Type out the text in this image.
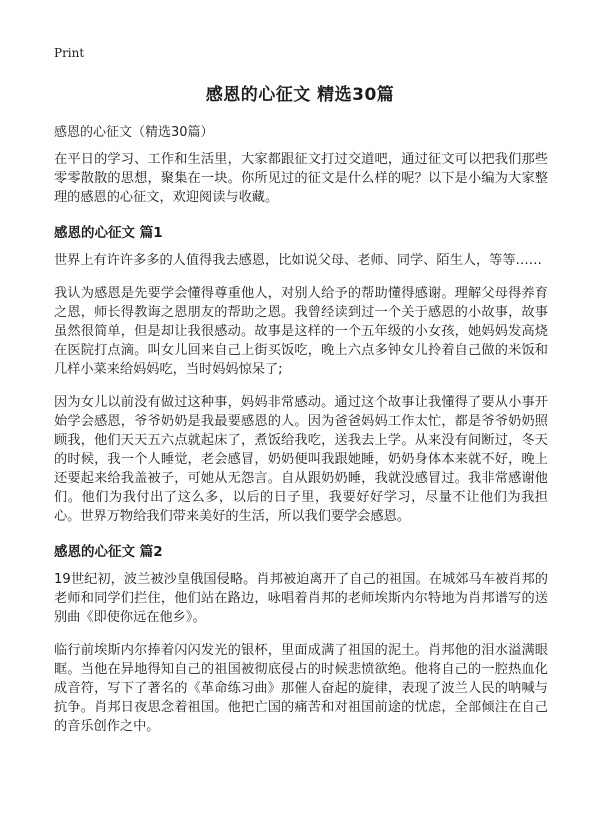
Print
感恩的心征文 精选30篇

感恩的心征文（精选30篇）

在平日的学习、工作和生活里，大家都跟征文打过交道吧，通过征文可以把我们那些零零散散的思想，聚集在一块。你所见过的征文是什么样的呢？以下是小编为大家整理的感恩的心征文，欢迎阅读与收藏。

感恩的心征文 篇1

世界上有许许多多的人值得我去感恩，比如说父母、老师、同学、陌生人，等等……

我认为感恩是先要学会懂得尊重他人，对别人给予的帮助懂得感谢。理解父母得养育之恩，师长得教诲之恩朋友的帮助之恩。我曾经读到过一个关于感恩的小故事，故事虽然很简单，但是却让我很感动。故事是这样的一个五年级的小女孩，她妈妈发高烧在医院打点滴。叫女儿回来自己上街买饭吃，晚上六点多钟女儿拎着自己做的米饭和几样小菜来给妈妈吃，当时妈妈惊呆了;

因为女儿以前没有做过这种事，妈妈非常感动。通过这个故事让我懂得了要从小事开始学会感恩，爷爷奶奶是我最要感恩的人。因为爸爸妈妈工作太忙，都是爷爷奶奶照顾我，他们天天五六点就起床了，煮饭给我吃，送我去上学。从来没有间断过，冬天的时候，我一个人睡觉，老会感冒，奶奶便叫我跟她睡，奶奶身体本来就不好，晚上还要起来给我盖被子，可她从无怨言。自从跟奶奶睡，我就没感冒过。我非常感谢他们。他们为我付出了这么多，以后的日子里，我要好好学习，尽量不让他们为我担心。世界万物给我们带来美好的生活，所以我们要学会感恩。

感恩的心征文 篇2

19世纪初，波兰被沙皇俄国侵略。肖邦被迫离开了自己的祖国。在城郊马车被肖邦的老师和同学们拦住，他们站在路边，咏唱着肖邦的老师埃斯内尔特地为肖邦谱写的送别曲《即使你远在他乡》。

临行前埃斯内尔捧着闪闪发光的银杯，里面成满了祖国的泥土。肖邦他的泪水溢满眼眶。当他在异地得知自己的祖国被彻底侵占的时候悲愤欲绝。他将自己的一腔热血化成音符，写下了著名的《革命练习曲》那催人奋起的旋律，表现了波兰人民的呐喊与抗争。肖邦日夜思念着祖国。他把亡国的痛苦和对祖国前途的忧虑，全部倾注在自己的音乐创作之中。
